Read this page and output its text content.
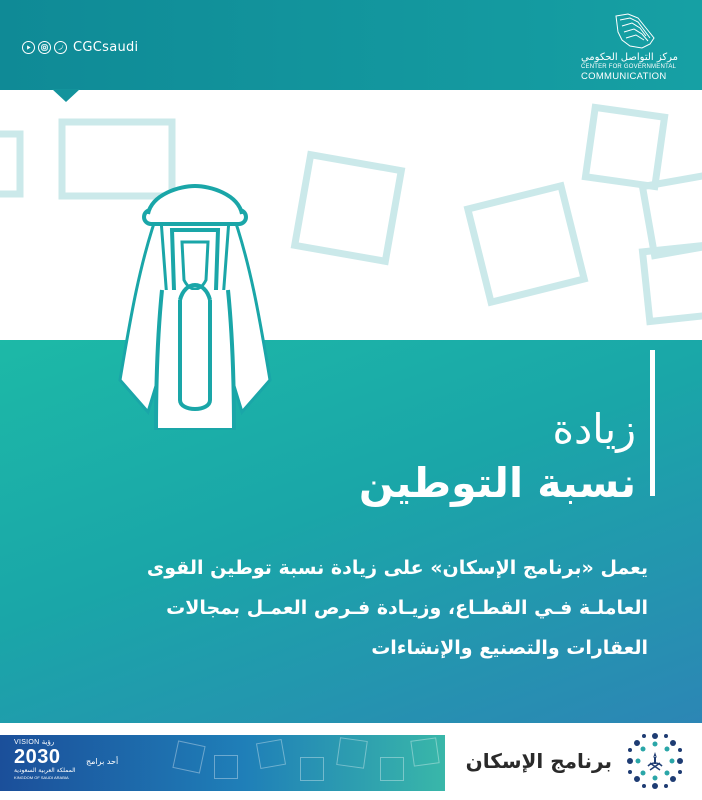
CGCsaudi
مركز التواصل الحكومي
CENTER FOR GOVERNMENTAL
COMMUNICATION
زيادة
نسبة التوطين
يعمل «برنامج الإسكان» على زيادة نسبة توطين القوى
العاملـة فـي القطـاع، وزيـادة فـرص العمـل بمجالات
العقارات والتصنيع والإنشاءات
VISION رؤية
2030
المملكة العربية السعودية
KINGDOM OF SAUDI ARABIA
أحد برامج	برنامج الإسكان
